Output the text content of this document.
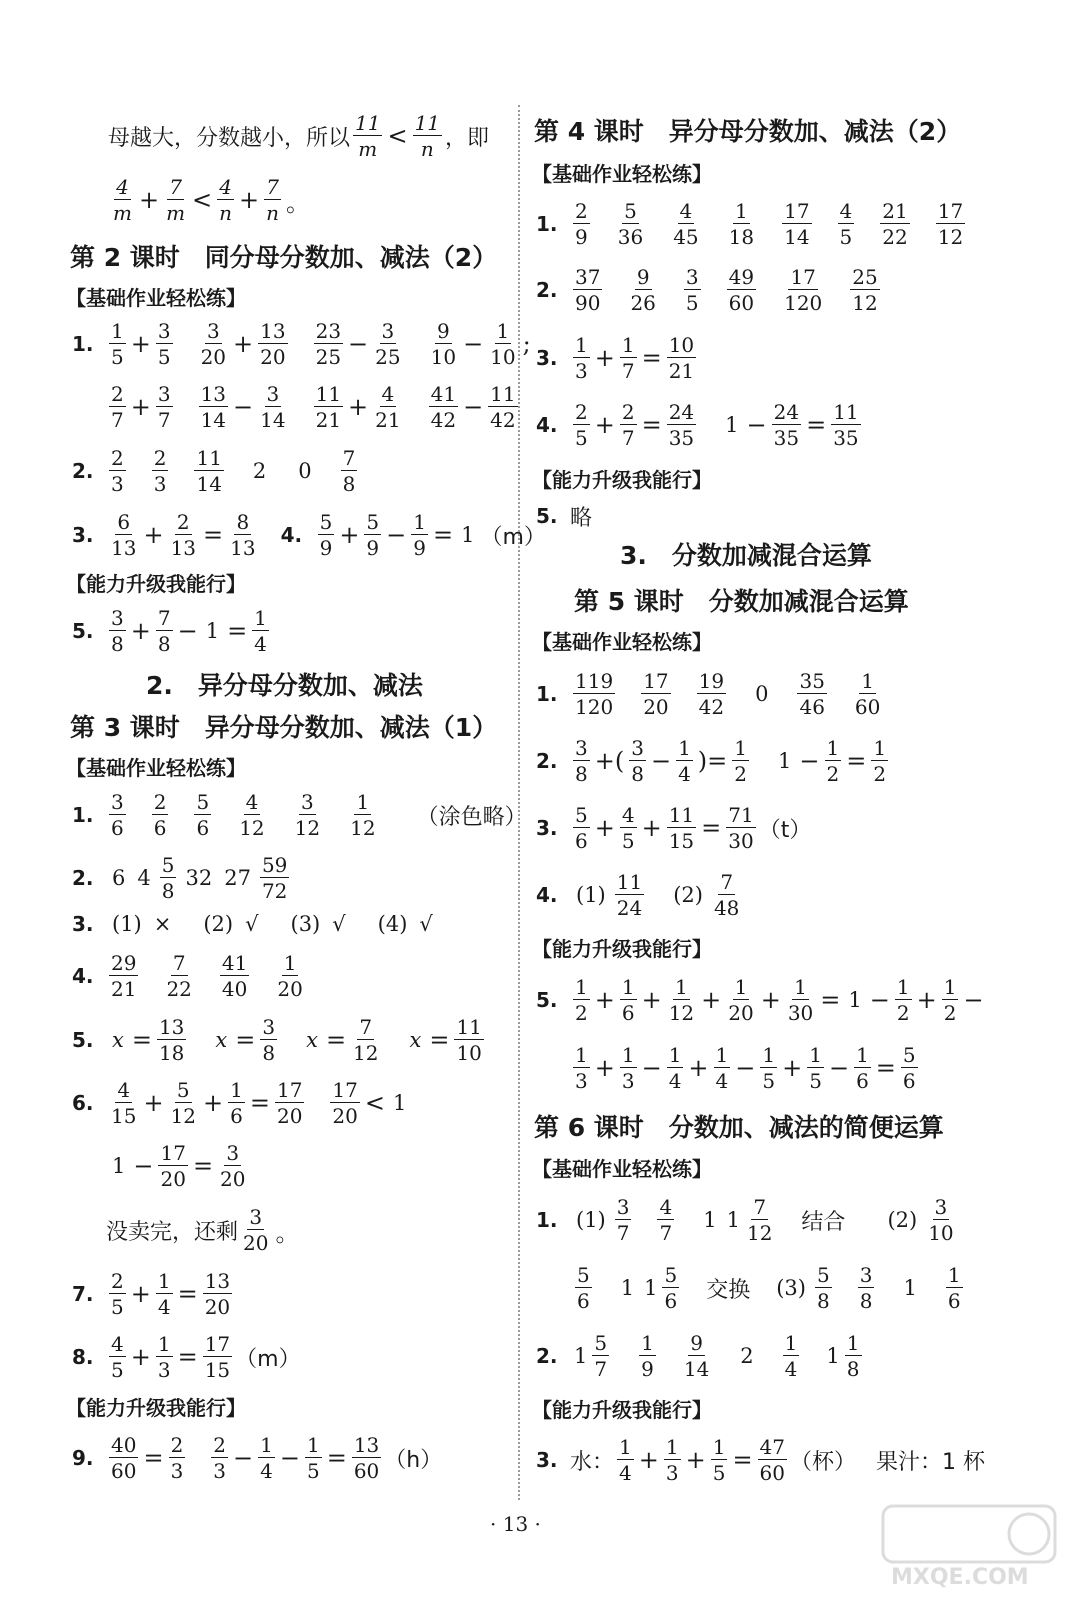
母越大，分数越小，所以 $\frac{11}{m} < \frac{11}{n}$ ，即
$\frac{4}{m} + \frac{7}{m} < \frac{4}{n} + \frac{7}{n}$ 。
第 2 课时　同分母分数加、减法（2）
【基础作业轻松练】
1. $\frac{1}{5} + \frac{3}{5} \frac{3}{20} + \frac{13}{20} \frac{23}{25} - \frac{3}{25} \frac{9}{10} - \frac{1}{10}$ ;
$\frac{2}{7} + \frac{3}{7} \frac{13}{14} - \frac{3}{14} \frac{11}{21} + \frac{4}{21} \frac{41}{42} - \frac{11}{42}$
2. $\frac{2}{3} \frac{2}{3} \frac{11}{14} 2$ $0 \frac{7}{8}$
3. $\frac{6}{13} + \frac{2}{13} = \frac{8}{13} 4$. $\frac{5}{9} + \frac{5}{9} - \frac{1}{9} = 1$ （m）
【能力升级我能行】
5. $\frac{3}{8} + \frac{7}{8} - 1 = \frac{1}{4}$
2.　异分母分数加、减法
第 3 课时　异分母分数加、减法（1）
【基础作业轻松练】
1. $\frac{3}{6} \frac{2}{6} \frac{5}{6} \frac{4}{12} \frac{3}{12} \frac{1}{12}$ （涂色略）
2. 6 $4 \frac{5}{8} 32$ $27 \frac{59}{72}$
3. (1) × (2) √ (3) √ (4) √
4. $\frac{29}{21} \frac{7}{22} \frac{41}{40} \frac{1}{20}$
5. $x = \frac{13}{18}$ $x = \frac{3}{8}$ $x = \frac{7}{12}$ $x = \frac{11}{10}$
6. $\frac{4}{15} + \frac{5}{12} + \frac{1}{6} = \frac{17}{20} \frac{17}{20} < 1$
$1 - \frac{17}{20} = \frac{3}{20}$
没卖完，还剩 $\frac{3}{20}$ 。
7. $\frac{2}{5} + \frac{1}{4} = \frac{13}{20}$
8. $\frac{4}{5} + \frac{1}{3} = \frac{17}{15} (m)$
【能力升级我能行】
9. $\frac{40}{60} = \frac{2}{3} \frac{2}{3} - \frac{1}{4} - \frac{1}{5} = \frac{13}{60} (h)$
第 4 课时　异分母分数加、减法（2）
【基础作业轻松练】
1. $\frac{2}{9} \frac{5}{36} \frac{4}{45} \frac{1}{18} \frac{17}{14} \frac{4}{5} \frac{21}{22} \frac{17}{12}$
2. $\frac{37}{90} \frac{9}{26} \frac{3}{5} \frac{49}{60} \frac{17}{120} \frac{25}{12}$
3. $\frac{1}{3} + \frac{1}{7} = \frac{10}{21}$
4. $\frac{2}{5} + \frac{2}{7} = \frac{24}{35} 1 - \frac{24}{35} = \frac{11}{35}$
【能力升级我能行】
5. 略
3.　分数加减混合运算
第 5 课时　分数加减混合运算
【基础作业轻松练】
1. $\frac{119}{120} \frac{17}{20} \frac{19}{42} 0 \frac{35}{46} \frac{1}{60}$
2. $\frac{3}{8}$ +( $\frac{3}{8} - \frac{1}{4}$ )= $\frac{1}{2} 1 - \frac{1}{2} = \frac{1}{2}$
3. $\frac{5}{6} + \frac{4}{5} + \frac{11}{15} = \frac{71}{30} (t)$
4. $(1) \frac{11}{24} (2) \frac{7}{48}$
【能力升级我能行】
5. $\frac{1}{2} + \frac{1}{6} + \frac{1}{12} + \frac{1}{20} + \frac{1}{30} = 1 - \frac{1}{2} + \frac{1}{2}$ −
$\frac{1}{3} + \frac{1}{3} - \frac{1}{4} + \frac{1}{4} - \frac{1}{5} + \frac{1}{5} - \frac{1}{6} = \frac{5}{6}$
第 6 课时　分数加、减法的简便运算
【基础作业轻松练】
1. $(1) \frac{3}{7} \frac{4}{7} 1$ $1 \frac{7}{12}$ 结合 $(2) \frac{3}{10}$
$\frac{5}{6} 1$ $1 \frac{5}{6}$ 交换 $(3) \frac{5}{8} \frac{3}{8} 1 \frac{1}{6}$
2. $1 \frac{5}{7} \frac{1}{9} \frac{9}{14} 2 \frac{1}{4} 1 \frac{1}{8}$
【能力升级我能行】
3. 水： $\frac{1}{4} + \frac{1}{3} + \frac{1}{5} = \frac{47}{60}$ （杯） 果汁：1 杯
· 13 ·
MXQE.COM
